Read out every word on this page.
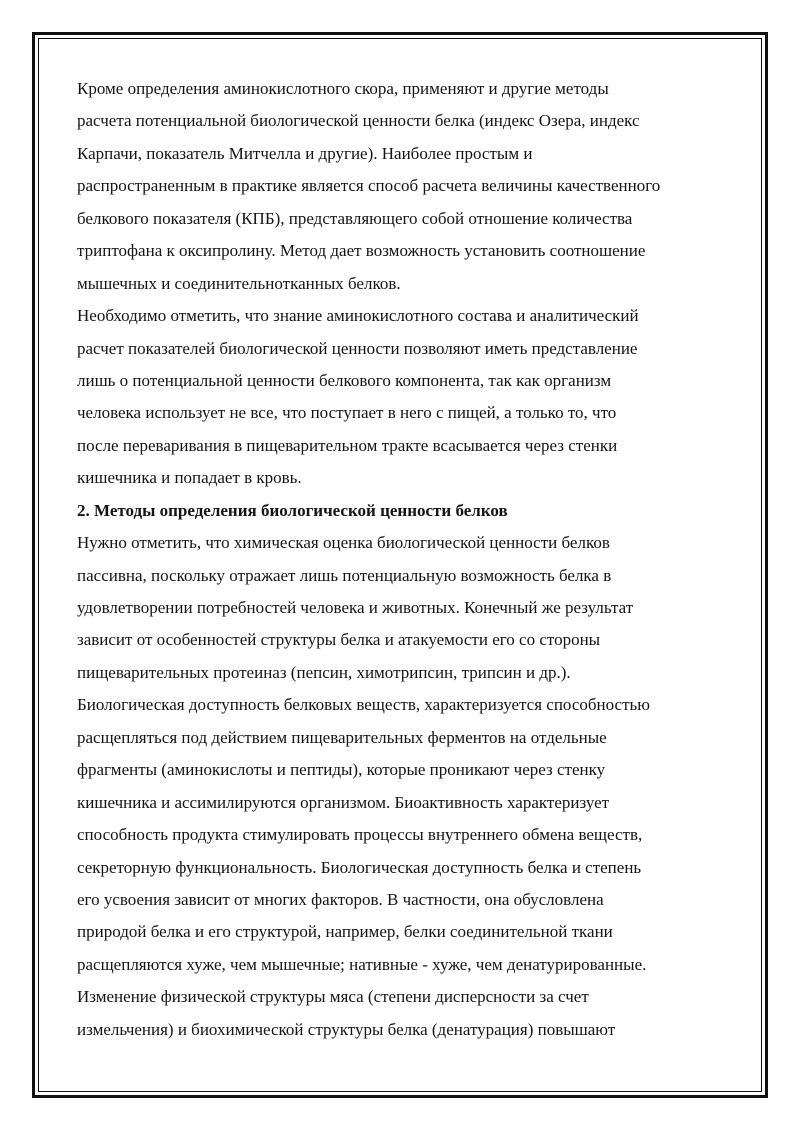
Кроме определения аминокислотного скора, применяют и другие методы
расчета потенциальной биологической ценности белка (индекс Озера, индекс
Карпачи, показатель Митчелла и другие). Наиболее простым и
распространенным в практике является способ расчета величины качественного
белкового показателя (КПБ), представляющего собой отношение количества
триптофана к оксипролину. Метод дает возможность установить соотношение
мышечных и соединительнотканных белков.
Необходимо отметить, что знание аминокислотного состава и аналитический
расчет показателей биологической ценности позволяют иметь представление
лишь о потенциальной ценности белкового компонента, так как организм
человека использует не все, что поступает в него с пищей, а только то, что
после переваривания в пищеварительном тракте всасывается через стенки
кишечника и попадает в кровь.
2. Методы определения биологической ценности белков
Нужно отметить, что химическая оценка биологической ценности белков
пассивна, поскольку отражает лишь потенциальную возможность белка в
удовлетворении потребностей человека и животных. Конечный же результат
зависит от особенностей структуры белка и атакуемости его со стороны
пищеварительных протеиназ (пепсин, химотрипсин, трипсин и др.).
Биологическая доступность белковых веществ, характеризуется способностью
расщепляться под действием пищеварительных ферментов на отдельные
фрагменты (аминокислоты и пептиды), которые проникают через стенку
кишечника и ассимилируются организмом. Биоактивность характеризует
способность продукта стимулировать процессы внутреннего обмена веществ,
секреторную функциональность. Биологическая доступность белка и степень
его усвоения зависит от многих факторов. В частности, она обусловлена
природой белка и его структурой, например, белки соединительной ткани
расщепляются хуже, чем мышечные; нативные - хуже, чем денатурированные.
Изменение физической структуры мяса (степени дисперсности за счет
измельчения) и биохимической структуры белка (денатурация) повышают
